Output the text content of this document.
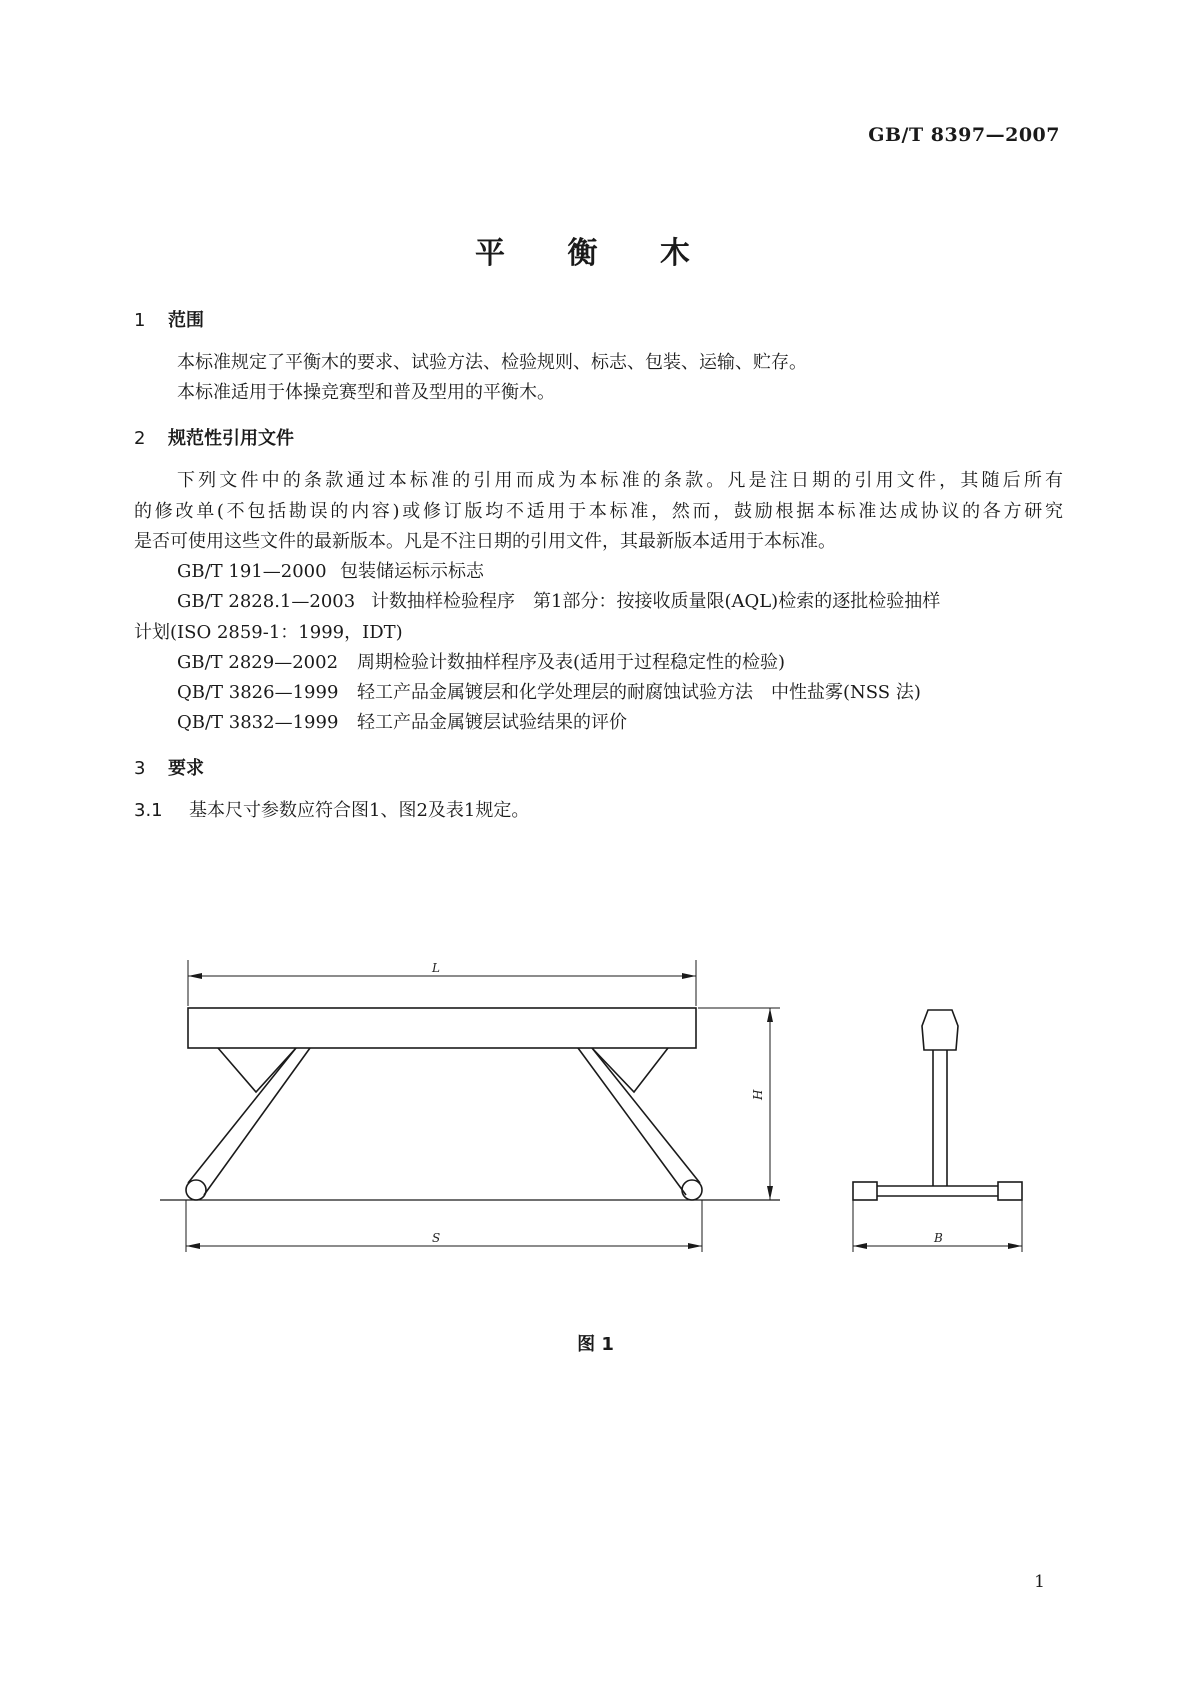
GB/T 8397—2007
平 衡 木
1 范围
本标准规定了平衡木的要求、试验方法、检验规则、标志、包装、运输、贮存。
本标准适用于体操竞赛型和普及型用的平衡木。
2 规范性引用文件
下列文件中的条款通过本标准的引用而成为本标准的条款。凡是注日期的引用文件，其随后所有
的修改单(不包括勘误的内容)或修订版均不适用于本标准，然而，鼓励根据本标准达成协议的各方研究
是否可使用这些文件的最新版本。凡是不注日期的引用文件，其最新版本适用于本标准。
GB/T 191—2000 包装储运标示标志
GB/T 2828.1—2003 计数抽样检验程序　第1部分：按接收质量限(AQL)检索的逐批检验抽样
计划(ISO 2859-1：1999，IDT)
GB/T 2829—2002 周期检验计数抽样程序及表(适用于过程稳定性的检验)
QB/T 3826—1999 轻工产品金属镀层和化学处理层的耐腐蚀试验方法　中性盐雾(NSS 法)
QB/T 3832—1999 轻工产品金属镀层试验结果的评价
3 要求
3.1 基本尺寸参数应符合图1、图2及表1规定。
L
S
H
B
图 1
1
